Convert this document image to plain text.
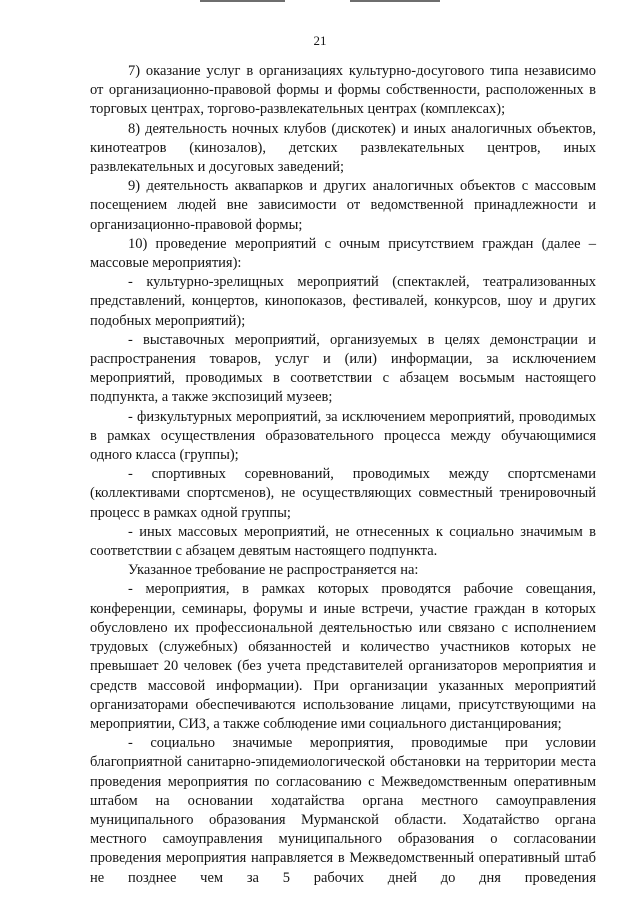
21

7) оказание услуг в организациях культурно-досугового типа независимо от организационно-правовой формы и формы собственности, расположенных в торговых центрах, торгово-развлекательных центрах (комплексах);

8) деятельность ночных клубов (дискотек) и иных аналогичных объектов, кинотеатров (кинозалов), детских развлекательных центров, иных развлекательных и досуговых заведений;

9) деятельность аквапарков и других аналогичных объектов с массовым посещением людей вне зависимости от ведомственной принадлежности и организационно-правовой формы;

10) проведение мероприятий с очным присутствием граждан (далее – массовые мероприятия):

- культурно-зрелищных мероприятий (спектаклей, театрализованных представлений, концертов, кинопоказов, фестивалей, конкурсов, шоу и других подобных мероприятий);

- выставочных мероприятий, организуемых в целях демонстрации и распространения товаров, услуг и (или) информации, за исключением мероприятий, проводимых в соответствии с абзацем восьмым настоящего подпункта, а также экспозиций музеев;

- физкультурных мероприятий, за исключением мероприятий, проводимых в рамках осуществления образовательного процесса между обучающимися одного класса (группы);

- спортивных соревнований, проводимых между спортсменами (коллективами спортсменов), не осуществляющих совместный тренировочный процесс в рамках одной группы;

- иных массовых мероприятий, не отнесенных к социально значимым в соответствии с абзацем девятым настоящего подпункта.

Указанное требование не распространяется на:

- мероприятия, в рамках которых проводятся рабочие совещания, конференции, семинары, форумы и иные встречи, участие граждан в которых обусловлено их профессиональной деятельностью или связано с исполнением трудовых (служебных) обязанностей и количество участников которых не превышает 20 человек (без учета представителей организаторов мероприятия и средств массовой информации). При организации указанных мероприятий организаторами обеспечиваются использование лицами, присутствующими на мероприятии, СИЗ, а также соблюдение ими социального дистанцирования;

- социально значимые мероприятия, проводимые при условии благоприятной санитарно-эпидемиологической обстановки на территории места проведения мероприятия по согласованию с Межведомственным оперативным штабом на основании ходатайства органа местного самоуправления муниципального образования Мурманской области. Ходатайство органа местного самоуправления муниципального образования о согласовании проведения мероприятия направляется в Межведомственный оперативный штаб не позднее чем за 5 рабочих дней до дня проведения
